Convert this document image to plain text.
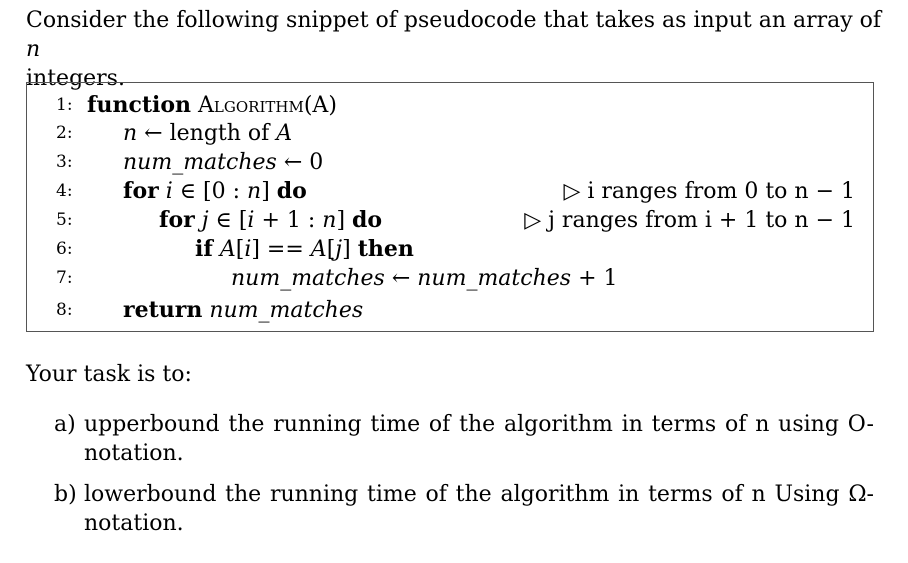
Consider the following snippet of pseudocode that takes as input an array of n
integers.

1: function Algorithm(A)
2: n ← length of A
3: num_matches ← 0
4: for i ∈ [0 : n] do	▷ i ranges from 0 to n − 1
5:	for j ∈ [i + 1 : n] do	▷ j ranges from i + 1 to n − 1
6:	if A[i] == A[j] then
7:	num_matches ← num_matches + 1
8: return num_matches

Your task is to:

a) upperbound the running time of the algorithm in terms of n using O-
notation.
b) lowerbound the running time of the algorithm in terms of n Using Ω-
notation.
